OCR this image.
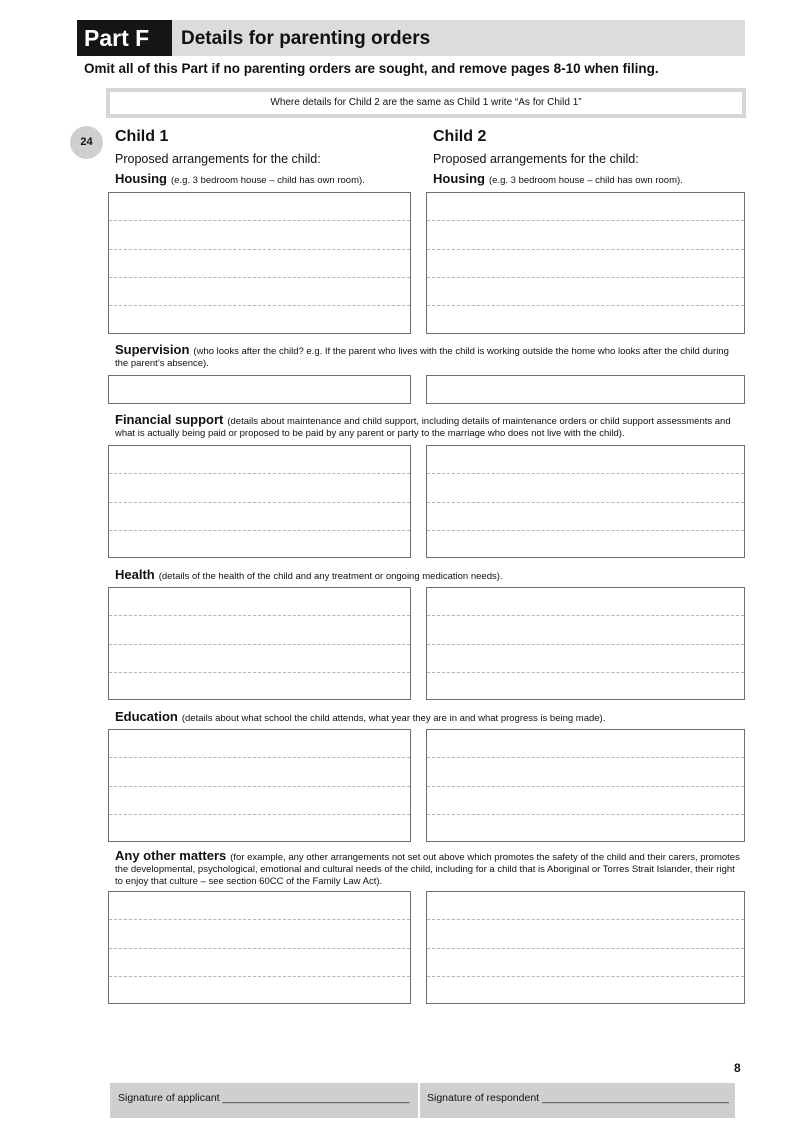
Part F	Details for parenting orders
Omit all of this Part if no parenting orders are sought, and remove pages 8-10 when filing.
Where details for Child 2 are the same as Child 1 write “As for Child 1”
24	Child 1	Child 2
Proposed arrangements for the child:	Proposed arrangements for the child:
Housing (e.g. 3 bedroom house – child has own room).	Housing (e.g. 3 bedroom house – child has own room).
Supervision (who looks after the child? e.g. If the parent who lives with the child is working outside the home who looks after the child during the parent’s absence).
Financial support (details about maintenance and child support, including details of maintenance orders or child support assessments and what is actually being paid or proposed to be paid by any parent or party to the marriage who does not live with the child).
Health (details of the health of the child and any treatment or ongoing medication needs).
Education (details about what school the child attends, what year they are in and what progress is being made).
Any other matters (for example, any other arrangements not set out above which promotes the safety of the child and their carers, promotes the developmental, psychological, emotional and cultural needs of the child, including for a child that is Aboriginal or Torres Strait Islander, their right to enjoy that culture – see section 60CC of the Family Law Act).
8
Signature of applicant ________________________________ Signature of respondent ________________________________
